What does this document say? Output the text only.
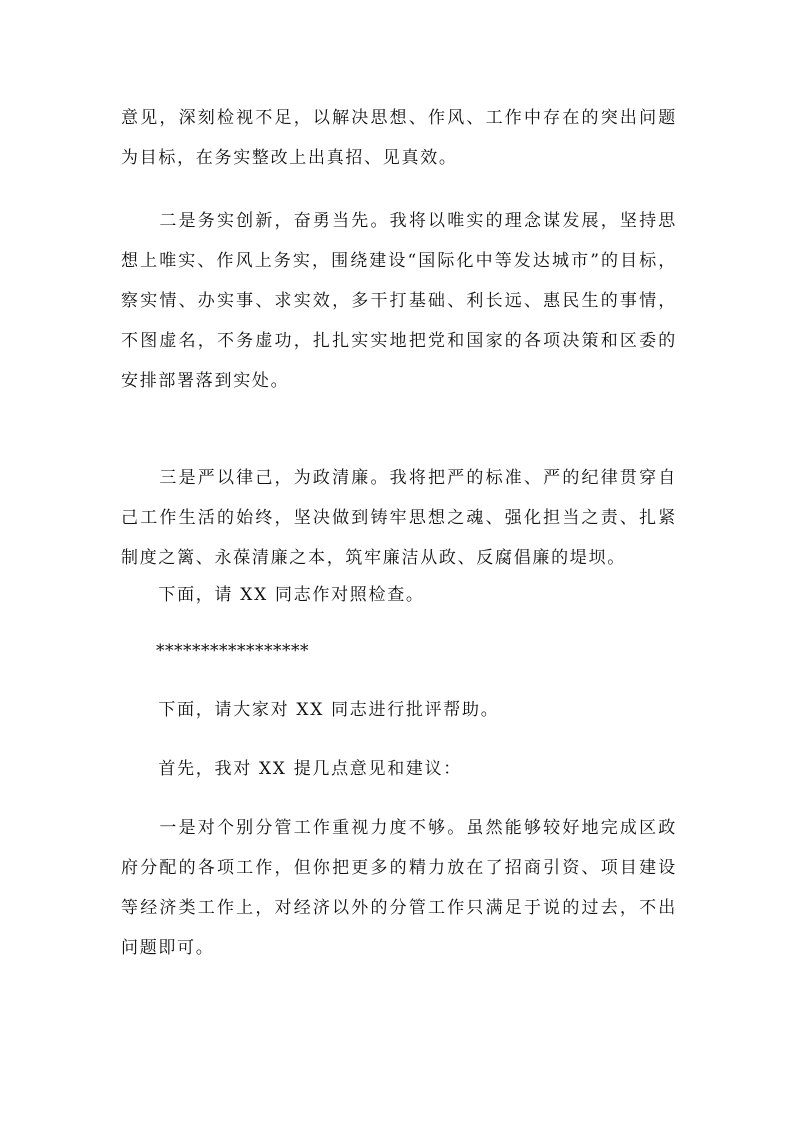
意见，深刻检视不足，以解决思想、作风、工作中存在的突出问题为目标，在务实整改上出真招、见真效。

　　二是务实创新，奋勇当先。我将以唯实的理念谋发展，坚持思想上唯实、作风上务实，围绕建设“国际化中等发达城市”的目标，察实情、办实事、求实效，多干打基础、利长远、惠民生的事情，不图虚名，不务虚功，扎扎实实地把党和国家的各项决策和区委的安排部署落到实处。

　　三是严以律己，为政清廉。我将把严的标准、严的纪律贯穿自己工作生活的始终，坚决做到铸牢思想之魂、强化担当之责、扎紧制度之篱、永葆清廉之本，筑牢廉洁从政、反腐倡廉的堤坝。

　　下面，请 XX 同志作对照检查。

　　*****************

　　下面，请大家对 XX 同志进行批评帮助。

　　首先，我对 XX 提几点意见和建议：

　　一是对个别分管工作重视力度不够。虽然能够较好地完成区政府分配的各项工作，但你把更多的精力放在了招商引资、项目建设等经济类工作上，对经济以外的分管工作只满足于说的过去，不出问题即可。
